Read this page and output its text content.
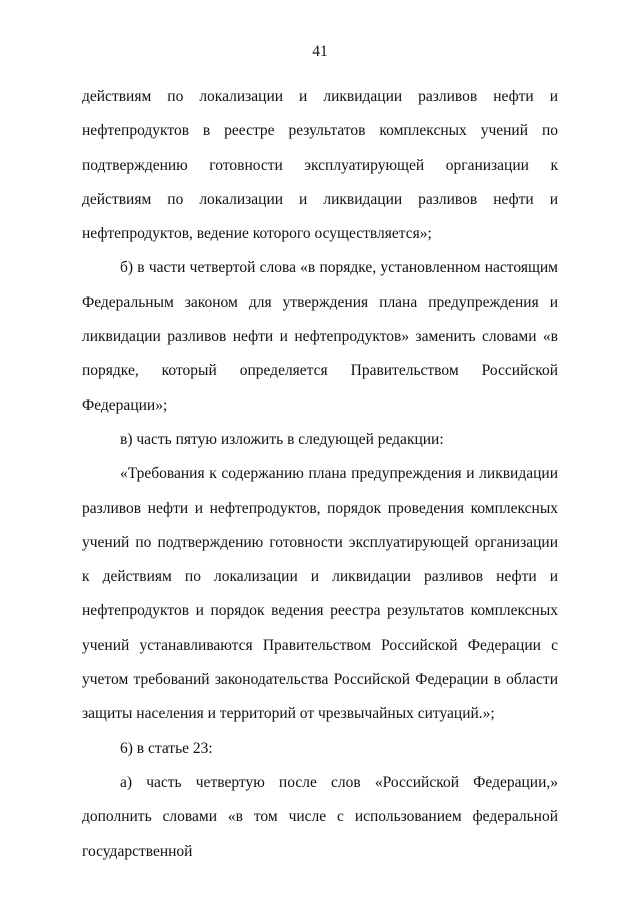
41

действиям по локализации и ликвидации разливов нефти и нефтепродуктов в реестре результатов комплексных учений по подтверждению готовности эксплуатирующей организации к действиям по локализации и ликвидации разливов нефти и нефтепродуктов, ведение которого осуществляется»;

б) в части четвертой слова «в порядке, установленном настоящим Федеральным законом для утверждения плана предупреждения и ликвидации разливов нефти и нефтепродуктов» заменить словами «в порядке, который определяется Правительством Российской Федерации»;

в) часть пятую изложить в следующей редакции:

«Требования к содержанию плана предупреждения и ликвидации разливов нефти и нефтепродуктов, порядок проведения комплексных учений по подтверждению готовности эксплуатирующей организации к действиям по локализации и ликвидации разливов нефти и нефтепродуктов и порядок ведения реестра результатов комплексных учений устанавливаются Правительством Российской Федерации с учетом требований законодательства Российской Федерации в области защиты населения и территорий от чрезвычайных ситуаций.»;

6) в статье 23:

а) часть четвертую после слов «Российской Федерации,» дополнить словами «в том числе с использованием федеральной государственной
